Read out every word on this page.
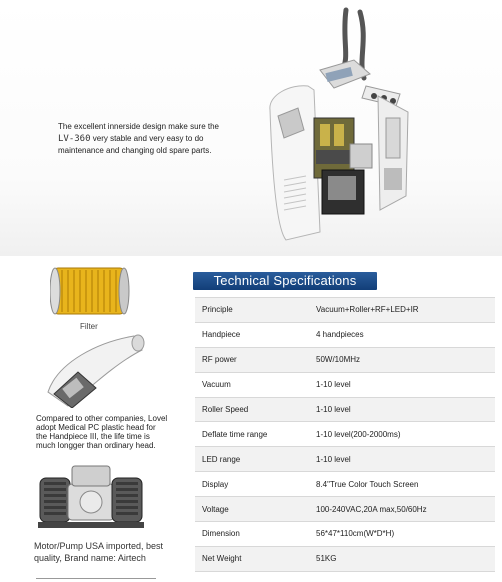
The excellent innerside design make sure the
LV-360 very stable and very easy to do
maintenance and changing old spare parts.
Filter
Compared to other companies, Lovel
adopt Medical PC plastic head for
the Handpiece III, the life time is
much longger than ordinary head.
Motor/Pump USA imported, best
quality, Brand name: Airtech
Technical Specifications
Principle	Vacuum+Roller+RF+LED+IR
Handpiece	4 handpieces
RF power	50W/10MHz
Vacuum	1-10 level
Roller Speed	1-10 level
Deflate time range	1-10 level(200-2000ms)
LED range	1-10 level
Display	8.4"True Color Touch Screen
Voltage	100-240VAC,20A max,50/60Hz
Dimension	56*47*110cm(W*D*H)
Net Weight	51KG
